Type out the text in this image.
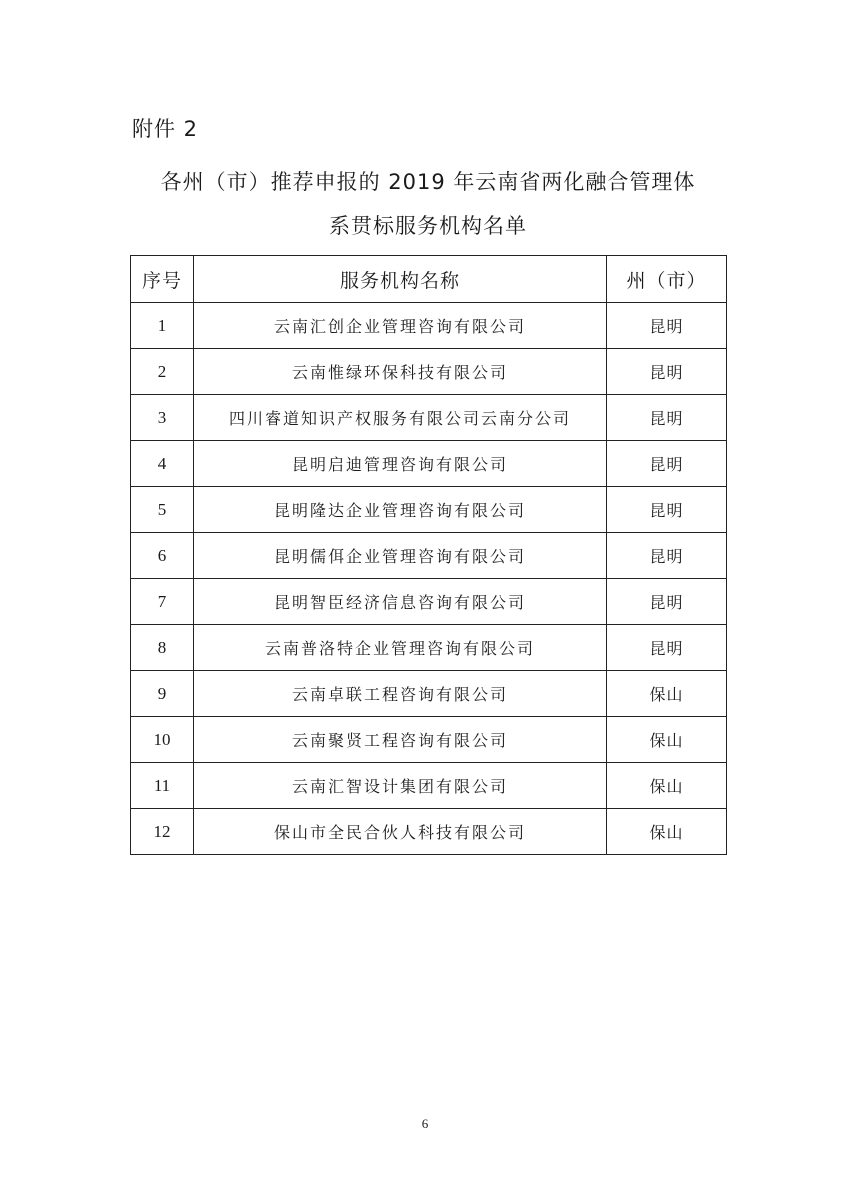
附件 2
各州（市）推荐申报的 2019 年云南省两化融合管理体
系贯标服务机构名单
序号	服务机构名称	州（市）
1	云南汇创企业管理咨询有限公司	昆明
2	云南惟绿环保科技有限公司	昆明
3	四川睿道知识产权服务有限公司云南分公司	昆明
4	昆明启迪管理咨询有限公司	昆明
5	昆明隆达企业管理咨询有限公司	昆明
6	昆明儒佴企业管理咨询有限公司	昆明
7	昆明智臣经济信息咨询有限公司	昆明
8	云南普洛特企业管理咨询有限公司	昆明
9	云南卓联工程咨询有限公司	保山
10	云南聚贤工程咨询有限公司	保山
11	云南汇智设计集团有限公司	保山
12	保山市全民合伙人科技有限公司	保山
6
